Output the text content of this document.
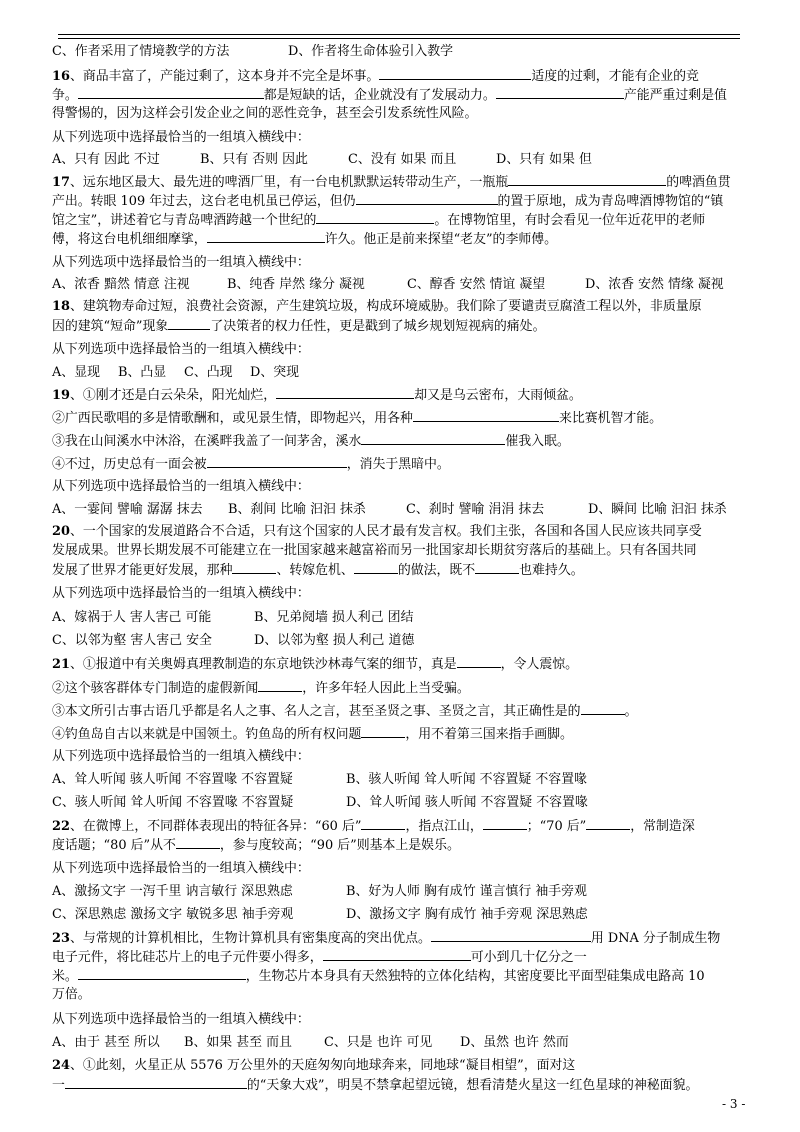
C、作者采用了情境教学的方法	D、作者将生命体验引入教学
16、商品丰富了，产能过剩了，这本身并不完全是坏事。	适度的过剩，才能有企业的竞
争。	都是短缺的话，企业就没有了发展动力。	产能严重过剩是值
得警惕的，因为这样会引发企业之间的恶性竞争，甚至会引发系统性风险。
从下列选项中选择最恰当的一组填入横线中：
A、只有 因此 不过	B、只有 否则 因此	C、没有 如果 而且	D、只有 如果 但
17、远东地区最大、最先进的啤酒厂里，有一台电机默默运转带动生产，一瓶瓶	的啤酒鱼贯
产出。转眼 109 年过去，这台老电机虽已停运，但仍	的置于原地，成为青岛啤酒博物馆的“镇
馆之宝”，讲述着它与青岛啤酒跨越一个世纪的	。在博物馆里，有时会看见一位年近花甲的老师
傅，将这台电机细细摩挲，	许久。他正是前来探望“老友”的李师傅。
从下列选项中选择最恰当的一组填入横线中：
A、浓香 黯然 情意 注视	B、纯香 岸然 缘分 凝视	C、醇香 安然 情谊 凝望	D、浓香 安然 情缘 凝视
18、建筑物寿命过短，浪费社会资源，产生建筑垃圾，构成环境威胁。我们除了要谴责豆腐渣工程以外，非质量原
因的建筑“短命”现象	了决策者的权力任性，更是戳到了城乡规划短视病的痛处。
从下列选项中选择最恰当的一组填入横线中：
A、显现 B、凸显 C、凸现 D、突现
19、①刚才还是白云朵朵，阳光灿烂，	却又是乌云密布，大雨倾盆。
②广西民歌唱的多是情歌酬和，或见景生情，即物起兴，用各种	来比赛机智才能。
③我在山间溪水中沐浴，在溪畔我盖了一间茅舍，溪水	催我入眠。
④不过，历史总有一面会被	，消失于黑暗中。
从下列选项中选择最恰当的一组填入横线中：
A、一霎间 譬喻 潺潺 抹去 B、刹间 比喻 汩汩 抹杀	C、刹时 譬喻 涓涓 抹去	D、瞬间 比喻 汩汩 抹杀
20、一个国家的发展道路合不合适，只有这个国家的人民才最有发言权。我们主张，各国和各国人民应该共同享受
发展成果。世界长期发展不可能建立在一批国家越来越富裕而另一批国家却长期贫穷落后的基础上。只有各国共同
发展了世界才能更好发展，那种	、转嫁危机、	的做法，既不	也难持久。
从下列选项中选择最恰当的一组填入横线中：
A、嫁祸于人 害人害己 可能	B、兄弟阋墙 损人利己 团结
C、以邻为壑 害人害己 安全	D、以邻为壑 损人利己 道德
21、①报道中有关奥姆真理教制造的东京地铁沙林毒气案的细节，真是	，令人震惊。
②这个骇客群体专门制造的虚假新闻	，许多年轻人因此上当受骗。
③本文所引古事古语几乎都是名人之事、名人之言，甚至圣贤之事、圣贤之言，其正确性是的	。
④钓鱼岛自古以来就是中国领土。钓鱼岛的所有权问题	，用不着第三国来指手画脚。
从下列选项中选择最恰当的一组填入横线中：
A、耸人听闻 骇人听闻 不容置喙 不容置疑	B、骇人听闻 耸人听闻 不容置疑 不容置喙
C、骇人听闻 耸人听闻 不容置喙 不容置疑	D、耸人听闻 骇人听闻 不容置疑 不容置喙
22、在微博上，不同群体表现出的特征各异：“60 后”	，指点江山，	；“70 后”	，常制造深
度话题；“80 后”从不	，参与度较高；“90 后”则基本上是娱乐。
从下列选项中选择最恰当的一组填入横线中：
A、激扬文字 一泻千里 讷言敏行 深思熟虑	B、好为人师 胸有成竹 谨言慎行 袖手旁观
C、深思熟虑 激扬文字 敏锐多思 袖手旁观	D、激扬文字 胸有成竹 袖手旁观 深思熟虑
23、与常规的计算机相比，生物计算机具有密集度高的突出优点。	用 DNA 分子制成生物
电子元件，将比硅芯片上的电子元件要小得多，	可小到几十亿分之一
米。	，生物芯片本身具有天然独特的立体化结构，其密度要比平面型硅集成电路高 10
万倍。
从下列选项中选择最恰当的一组填入横线中：
A、由于 甚至 所以 B、如果 甚至 而且 C、只是 也许 可见 D、虽然 也许 然而
24、①此刻，火星正从 5576 万公里外的天庭匆匆向地球奔来，同地球“凝目相望”，面对这
一	的“天象大戏”，明昊不禁拿起望远镜，想看清楚火星这一红色星球的神秘面貌。
- 3 -
